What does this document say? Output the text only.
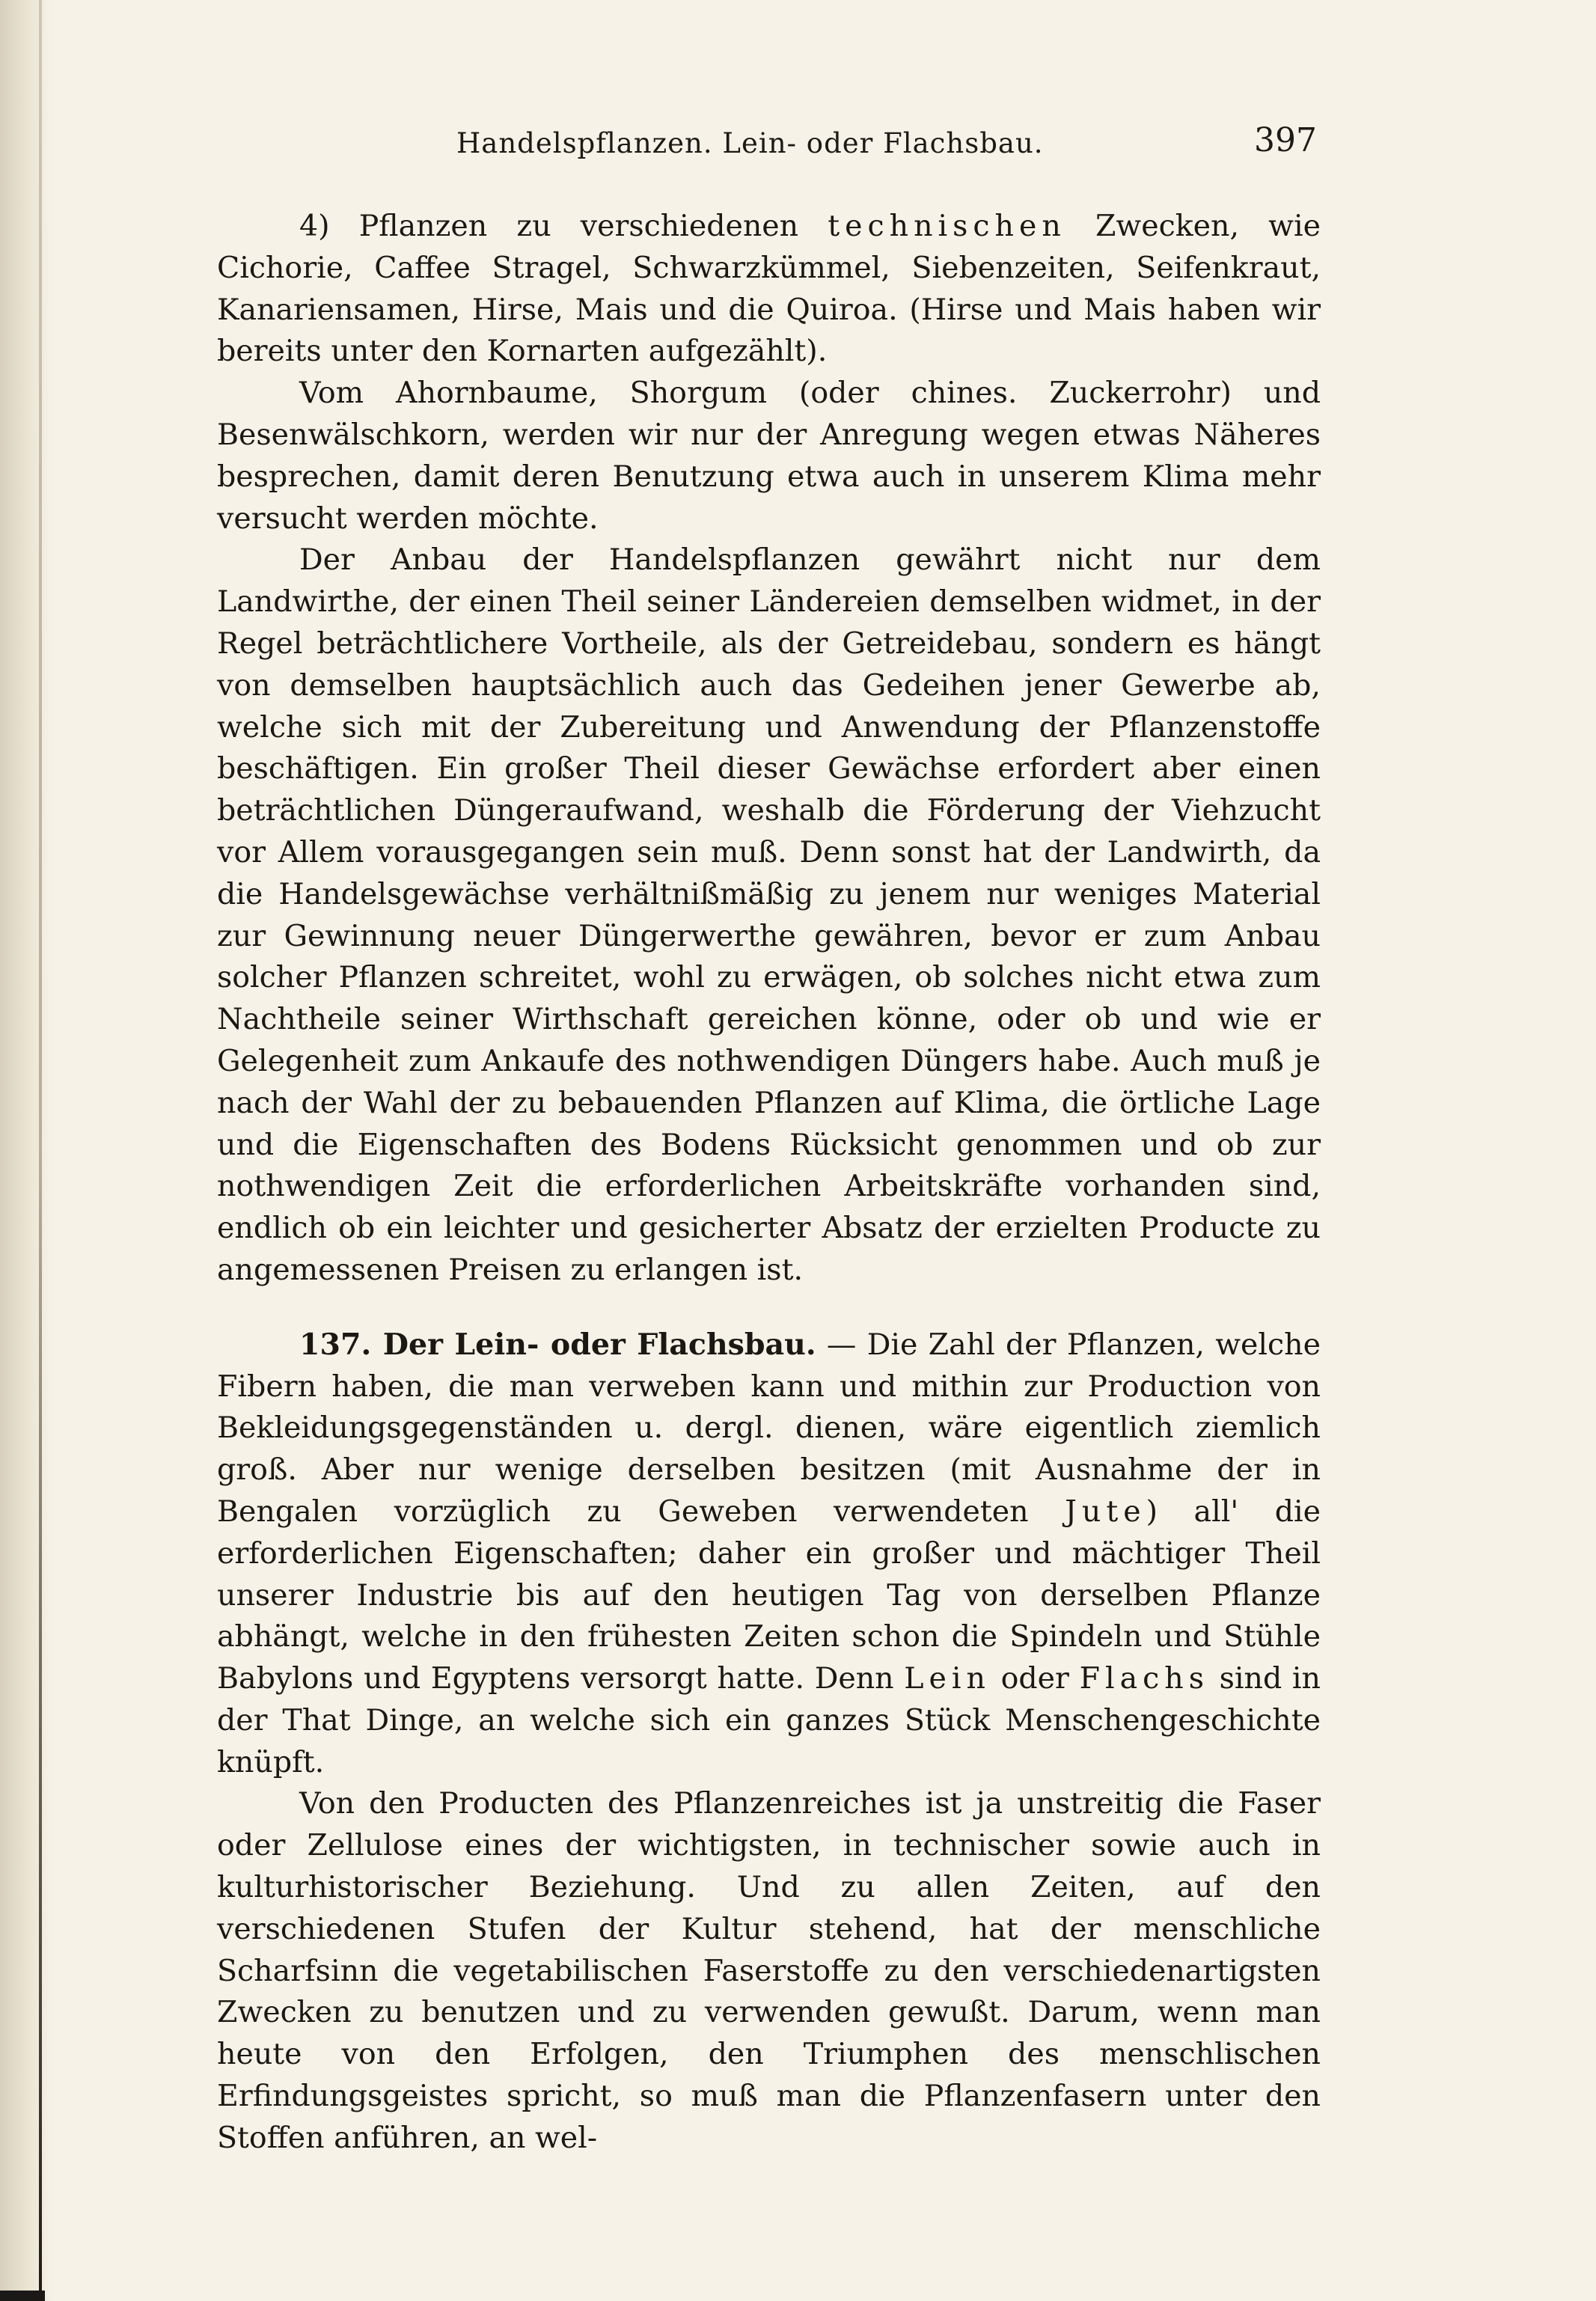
Handelspflanzen. Lein- oder Flachsbau.	397

4) Pflanzen zu verschiedenen technischen Zwecken, wie Cichorie, Caffee Stragel, Schwarzkümmel, Siebenzeiten, Seifenkraut, Kanariensamen, Hirse, Mais und die Quiroa. (Hirse und Mais haben wir bereits unter den Kornarten aufgezählt).

Vom Ahornbaume, Shorgum (oder chines. Zuckerrohr) und Besenwälschkorn, werden wir nur der Anregung wegen etwas Näheres besprechen, damit deren Benutzung etwa auch in unserem Klima mehr versucht werden möchte.

Der Anbau der Handelspflanzen gewährt nicht nur dem Landwirthe, der einen Theil seiner Ländereien demselben widmet, in der Regel beträchtlichere Vortheile, als der Getreidebau, sondern es hängt von demselben hauptsächlich auch das Gedeihen jener Gewerbe ab, welche sich mit der Zubereitung und Anwendung der Pflanzenstoffe beschäftigen. Ein großer Theil dieser Gewächse erfordert aber einen beträchtlichen Düngeraufwand, weshalb die Förderung der Viehzucht vor Allem vorausgegangen sein muß. Denn sonst hat der Landwirth, da die Handelsgewächse verhältnißmäßig zu jenem nur weniges Material zur Gewinnung neuer Düngerwerthe gewähren, bevor er zum Anbau solcher Pflanzen schreitet, wohl zu erwägen, ob solches nicht etwa zum Nachtheile seiner Wirthschaft gereichen könne, oder ob und wie er Gelegenheit zum Ankaufe des nothwendigen Düngers habe. Auch muß je nach der Wahl der zu bebauenden Pflanzen auf Klima, die örtliche Lage und die Eigenschaften des Bodens Rücksicht genommen und ob zur nothwendigen Zeit die erforderlichen Arbeitskräfte vorhanden sind, endlich ob ein leichter und gesicherter Absatz der erzielten Producte zu angemessenen Preisen zu erlangen ist.

137. Der Lein- oder Flachsbau. — Die Zahl der Pflanzen, welche Fibern haben, die man verweben kann und mithin zur Production von Bekleidungsgegenständen u. dergl. dienen, wäre eigentlich ziemlich groß. Aber nur wenige derselben besitzen (mit Ausnahme der in Bengalen vorzüglich zu Geweben verwendeten Jute) all' die erforderlichen Eigenschaften; daher ein großer und mächtiger Theil unserer Industrie bis auf den heutigen Tag von derselben Pflanze abhängt, welche in den frühesten Zeiten schon die Spindeln und Stühle Babylons und Egyptens versorgt hatte. Denn Lein oder Flachs sind in der That Dinge, an welche sich ein ganzes Stück Menschengeschichte knüpft.

Von den Producten des Pflanzenreiches ist ja unstreitig die Faser oder Zellulose eines der wichtigsten, in technischer sowie auch in kulturhistorischer Beziehung. Und zu allen Zeiten, auf den verschiedenen Stufen der Kultur stehend, hat der menschliche Scharfsinn die vegetabilischen Faserstoffe zu den verschiedenartigsten Zwecken zu benutzen und zu verwenden gewußt. Darum, wenn man heute von den Erfolgen, den Triumphen des menschlischen Erfindungsgeistes spricht, so muß man die Pflanzenfasern unter den Stoffen anführen, an wel-
